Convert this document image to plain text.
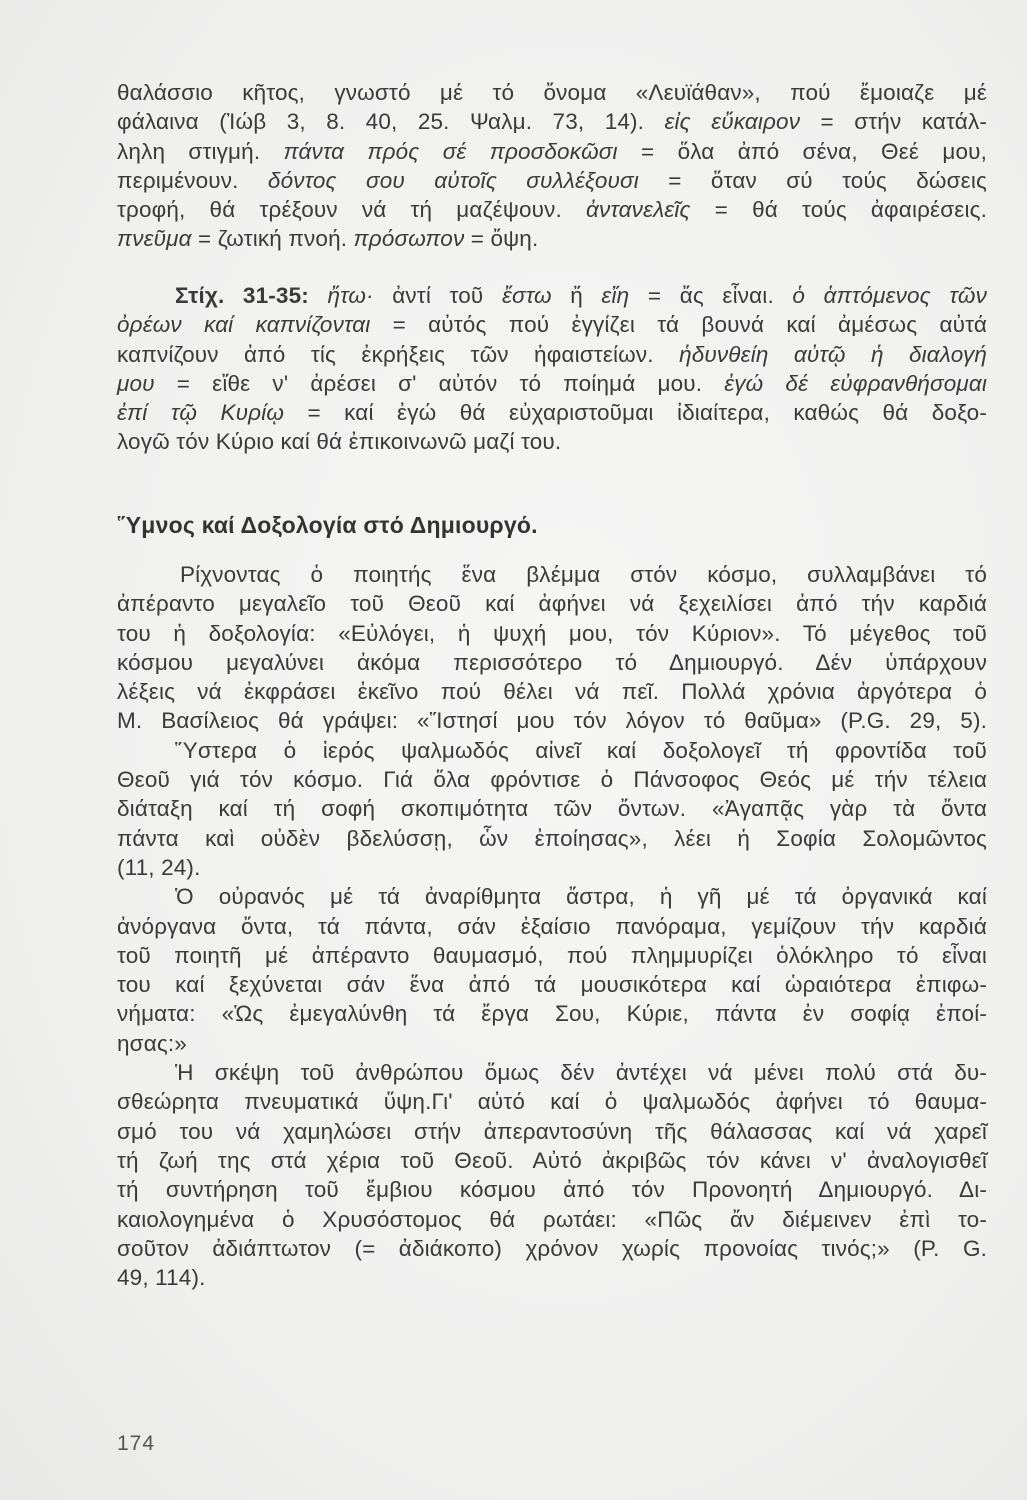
θαλάσσιο κῆτος, γνωστό μέ τό ὄνομα «Λευϊάθαν», πού ἔμοιαζε μέ
φάλαινα (Ἰώβ 3, 8. 40, 25. Ψαλμ. 73, 14). εἰς εὔκαιρον = στήν κατάλ-
ληλη στιγμή. πάντα πρός σέ προσδοκῶσι = ὅλα ἀπό σένα, Θεέ μου,
περιμένουν. δόντος σου αὐτοῖς συλλέξουσι = ὅταν σύ τούς δώσεις
τροφή, θά τρέξουν νά τή μαζέψουν. ἀντανελεῖς = θά τούς ἀφαιρέσεις.
πνεῦμα = ζωτική πνοή. πρόσωπον = ὄψη.
Στίχ. 31-35: ἤτω· ἀντί τοῦ ἔστω ἤ εἴη = ἄς εἶναι. ὁ ἁπτόμενος τῶν
ὀρέων καί καπνίζονται = αὐτός πού ἐγγίζει τά βουνά καί ἀμέσως αὐτά
καπνίζουν ἀπό τίς ἐκρήξεις τῶν ἡφαιστείων. ἡδυνθείη αὐτῷ ἡ διαλογή
μου = εἴθε ν' ἀρέσει σ' αὐτόν τό ποίημά μου. ἐγώ δέ εὐφρανθήσομαι
ἐπί τῷ Κυρίῳ = καί ἐγώ θά εὐχαριστοῦμαι ἰδιαίτερα, καθώς θά δοξο-
λογῶ τόν Κύριο καί θά ἐπικοινωνῶ μαζί του.
Ὕμνος καί Δοξολογία στό Δημιουργό.
Ρίχνοντας ὁ ποιητής ἕνα βλέμμα στόν κόσμο, συλλαμβάνει τό
ἀπέραντο μεγαλεῖο τοῦ Θεοῦ καί ἀφήνει νά ξεχειλίσει ἀπό τήν καρδιά
του ἡ δοξολογία: «Εὐλόγει, ἡ ψυχή μου, τόν Κύριον». Τό μέγεθος τοῦ
κόσμου μεγαλύνει ἀκόμα περισσότερο τό Δημιουργό. Δέν ὑπάρχουν
λέξεις νά ἐκφράσει ἐκεῖνο πού θέλει νά πεῖ. Πολλά χρόνια ἀργότερα ὁ
Μ. Βασίλειος θά γράψει: «Ἵστησί μου τόν λόγον τό θαῦμα» (P.G. 29, 5).
Ὕστερα ὁ ἱερός ψαλμωδός αἰνεῖ καί δοξολογεῖ τή φροντίδα τοῦ
Θεοῦ γιά τόν κόσμο. Γιά ὅλα φρόντισε ὁ Πάνσοφος Θεός μέ τήν τέλεια
διάταξη καί τή σοφή σκοπιμότητα τῶν ὄντων. «Ἀγαπᾷς γὰρ τὰ ὄντα
πάντα καὶ οὐδὲν βδελύσσῃ, ὧν ἐποίησας», λέει ἡ Σοφία Σολομῶντος
(11, 24).
Ὁ οὐρανός μέ τά ἀναρίθμητα ἄστρα, ἡ γῆ μέ τά ὀργανικά καί
ἀνόργανα ὄντα, τά πάντα, σάν ἐξαίσιο πανόραμα, γεμίζουν τήν καρδιά
τοῦ ποιητῆ μέ ἀπέραντο θαυμασμό, πού πλημμυρίζει ὁλόκληρο τό εἶναι
του καί ξεχύνεται σάν ἕνα ἀπό τά μουσικότερα καί ὡραιότερα ἐπιφω-
νήματα: «Ὡς ἐμεγαλύνθη τά ἔργα Σου, Κύριε, πάντα ἐν σοφίᾳ ἐποί-
ησας:»
Ἡ σκέψη τοῦ ἀνθρώπου ὅμως δέν ἀντέχει νά μένει πολύ στά δυ-
σθεώρητα πνευματικά ὕψη.Γι' αὐτό καί ὁ ψαλμωδός ἀφήνει τό θαυμα-
σμό του νά χαμηλώσει στήν ἀπεραντοσύνη τῆς θάλασσας καί νά χαρεῖ
τή ζωή της στά χέρια τοῦ Θεοῦ. Αὐτό ἀκριβῶς τόν κάνει ν' ἀναλογισθεῖ
τή συντήρηση τοῦ ἔμβιου κόσμου ἀπό τόν Προνοητή Δημιουργό. Δι-
καιολογημένα ὁ Χρυσόστομος θά ρωτάει: «Πῶς ἄν διέμεινεν ἐπὶ το-
σοῦτον ἀδιάπτωτον (= ἀδιάκοπο) χρόνον χωρίς προνοίας τινός;» (P. G.
49, 114).
174
